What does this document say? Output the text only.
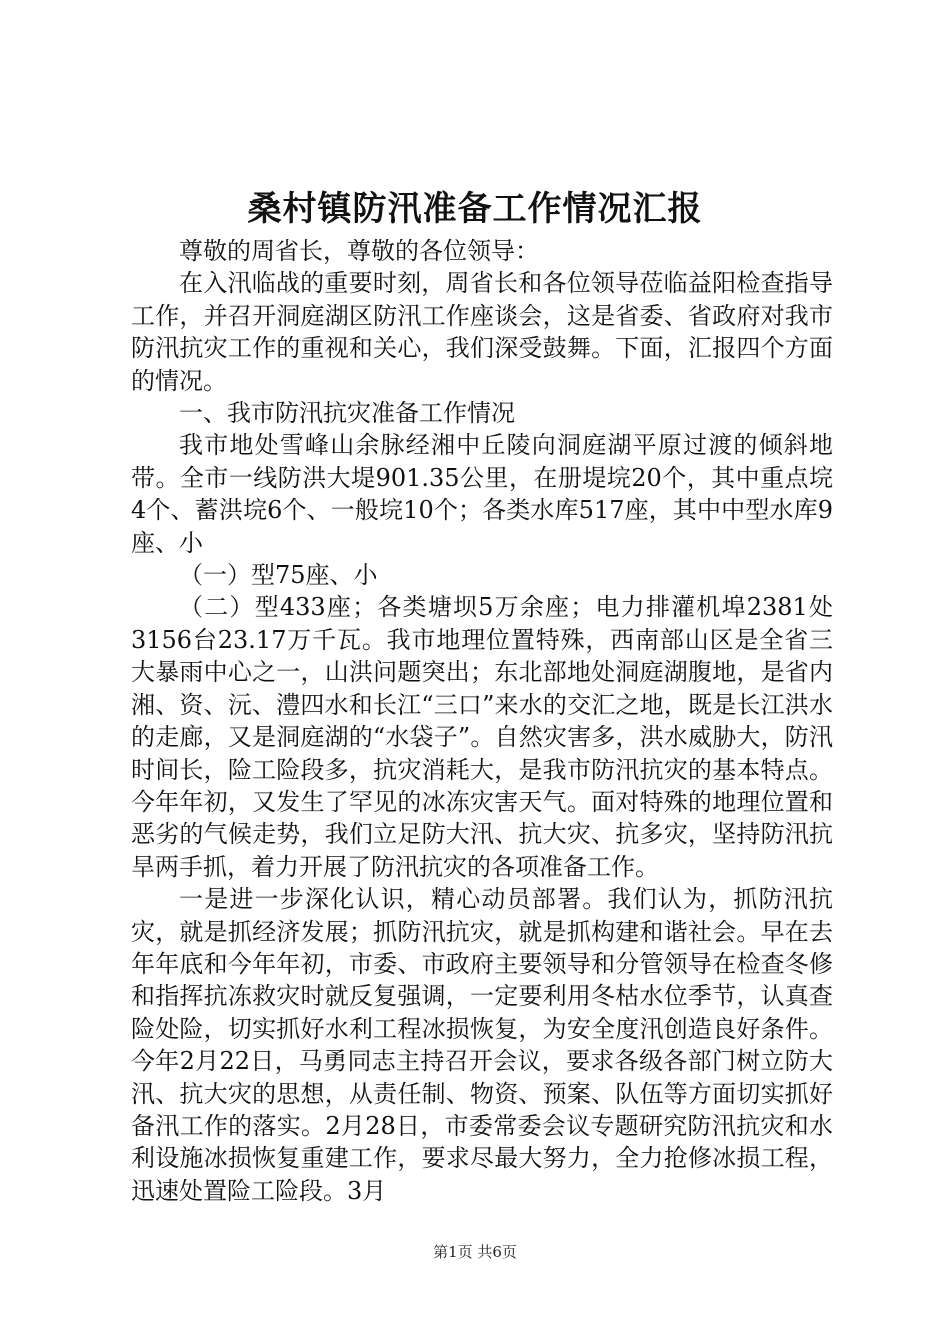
桑村镇防汛准备工作情况汇报

尊敬的周省长，尊敬的各位领导：

在入汛临战的重要时刻，周省长和各位领导莅临益阳检查指导工作，并召开洞庭湖区防汛工作座谈会，这是省委、省政府对我市防汛抗灾工作的重视和关心，我们深受鼓舞。下面，汇报四个方面的情况。

一、我市防汛抗灾准备工作情况

我市地处雪峰山余脉经湘中丘陵向洞庭湖平原过渡的倾斜地带。全市一线防洪大堤901.35公里，在册堤垸20个，其中重点垸4个、蓄洪垸6个、一般垸10个；各类水库517座，其中中型水库9座、小

（一）型75座、小

（二）型433座；各类塘坝5万余座；电力排灌机埠2381处3156台23.17万千瓦。我市地理位置特殊，西南部山区是全省三大暴雨中心之一，山洪问题突出；东北部地处洞庭湖腹地，是省内湘、资、沅、澧四水和长江“三口”来水的交汇之地，既是长江洪水的走廊，又是洞庭湖的“水袋子”。自然灾害多，洪水威胁大，防汛时间长，险工险段多，抗灾消耗大，是我市防汛抗灾的基本特点。今年年初，又发生了罕见的冰冻灾害天气。面对特殊的地理位置和恶劣的气候走势，我们立足防大汛、抗大灾、抗多灾，坚持防汛抗旱两手抓，着力开展了防汛抗灾的各项准备工作。

一是进一步深化认识，精心动员部署。我们认为，抓防汛抗灾，就是抓经济发展；抓防汛抗灾，就是抓构建和谐社会。早在去年年底和今年年初，市委、市政府主要领导和分管领导在检查冬修和指挥抗冻救灾时就反复强调，一定要利用冬枯水位季节，认真查险处险，切实抓好水利工程冰损恢复，为安全度汛创造良好条件。今年2月22日，马勇同志主持召开会议，要求各级各部门树立防大汛、抗大灾的思想，从责任制、物资、预案、队伍等方面切实抓好备汛工作的落实。2月28日，市委常委会议专题研究防汛抗灾和水利设施冰损恢复重建工作，要求尽最大努力，全力抢修冰损工程，迅速处置险工险段。3月

第1页 共6页
